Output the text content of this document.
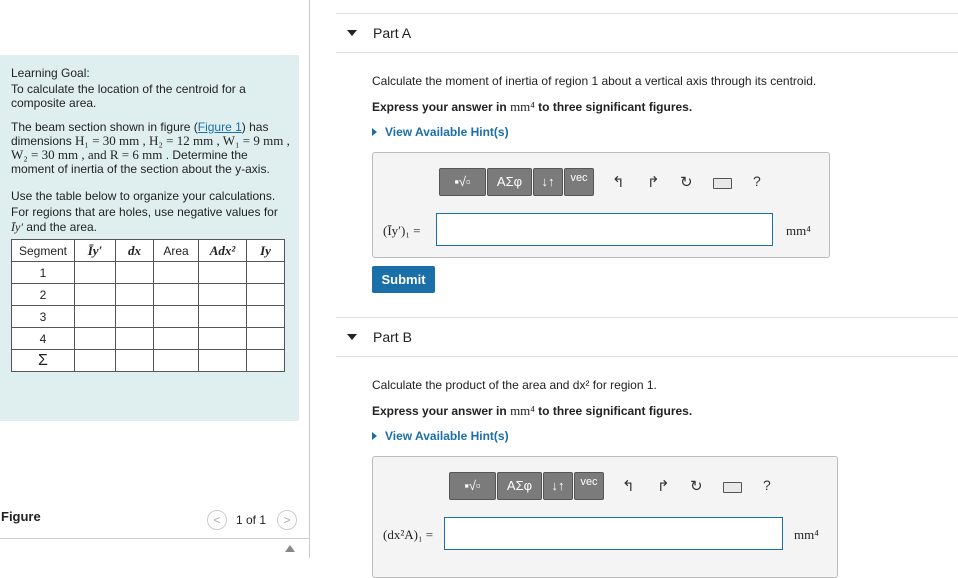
Learning Goal:
To calculate the location of the centroid for a composite area.
The beam section shown in figure (Figure 1) has dimensions H₁ = 30 mm , H₂ = 12 mm , W₁ = 9 mm , W₂ = 30 mm , and R = 6 mm . Determine the moment of inertia of the section about the y-axis.
Use the table below to organize your calculations. For regions that are holes, use negative values for Īy′ and the area.
Segment	Īy′	dx	Area	Adx²	Iy
1					
2					
3					
4					
Σ					
Figure	<	1 of 1	>
Part A
Calculate the moment of inertia of region 1 about a vertical axis through its centroid.
Express your answer in mm⁴ to three significant figures.
View Available Hint(s)
▪√▫	ΑΣφ	↓↑	vec	↰ ↱ ↻	?
(Īy′)₁ =	mm⁴
Submit
Part B
Calculate the product of the area and dx² for region 1.
Express your answer in mm⁴ to three significant figures.
View Available Hint(s)
▪√▫	ΑΣφ	↓↑	vec	↰ ↱ ↻	?
(dx²A)₁ =	mm⁴
